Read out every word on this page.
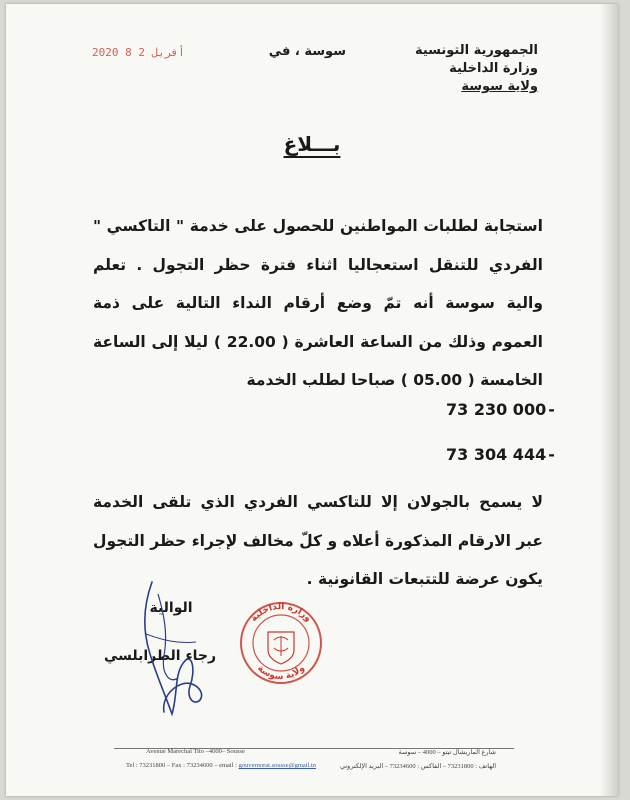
الجمهورية التونسية
وزارة الداخلية
ولاية سوسة
سوسة ، في
2020 أفريل 2 8
بـــلاغ
استجابة لطلبات المواطنين للحصول على خدمة " التاكسي " الفردي للتنقل استعجاليا اثناء فترة حظر التجول . تعلم والية سوسة أنه تمّ وضع أرقام النداء التالية على ذمة العموم وذلك من الساعة العاشرة ( 22.00 ) ليلا إلى الساعة الخامسة ( 05.00 ) صباحا لطلب الخدمة
73 230 000 -
73 304 444 -
لا يسمح بالجولان إلا للتاكسي الفردي الذي تلقى الخدمة عبر الارقام المذكورة أعلاه و كلّ مخالف لإجراء حظر التجول يكون عرضة للتتبعات القانونية .
الوالية
رجاء الطرابلسي
وزارة الداخلية
ولاية سوسة
Avenue Marechal Tito –4000– Sousse	شارع الماريشال تيتو – 4000 – سوسة
Tel : 73231800 – Fax : 73234600 – email : gouvernorat.sousse@gmail.tn	الهاتف : 73231800 – الفاكس : 73234600 – البريد الإلكتروني
